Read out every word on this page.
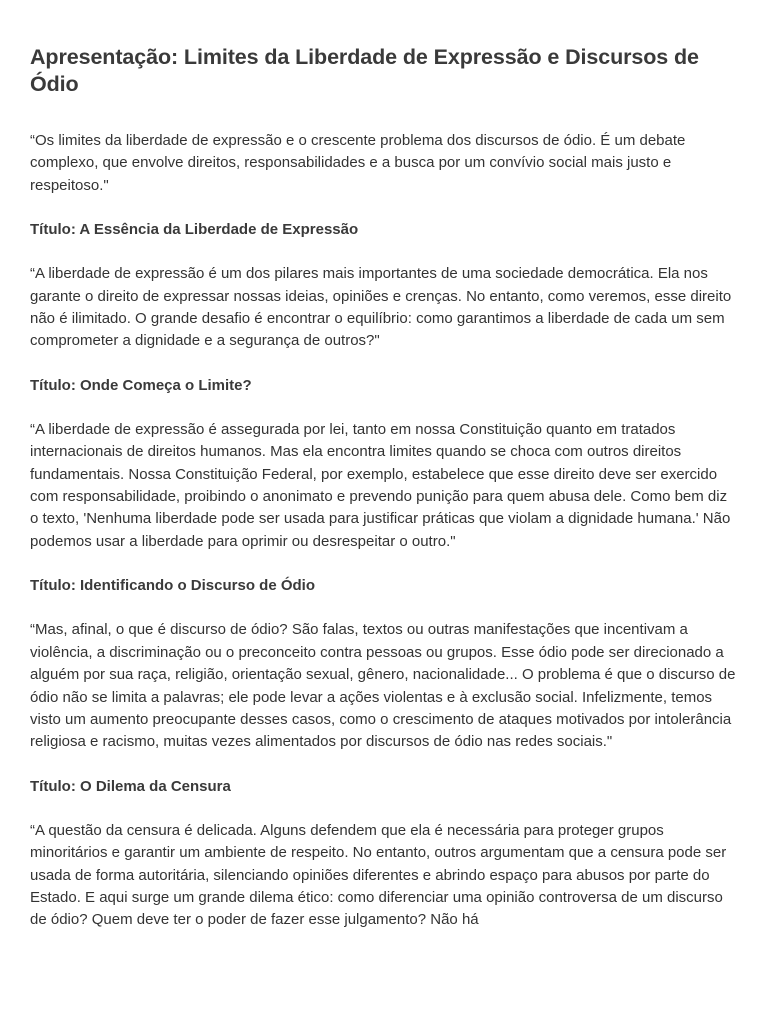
Apresentação: Limites da Liberdade de Expressão e Discursos de Ódio

“Os limites da liberdade de expressão e o crescente problema dos discursos de ódio. É um debate complexo, que envolve direitos, responsabilidades e a busca por um convívio social mais justo e respeitoso."

Título: A Essência da Liberdade de Expressão

“A liberdade de expressão é um dos pilares mais importantes de uma sociedade democrática. Ela nos garante o direito de expressar nossas ideias, opiniões e crenças. No entanto, como veremos, esse direito não é ilimitado. O grande desafio é encontrar o equilíbrio: como garantimos a liberdade de cada um sem comprometer a dignidade e a segurança de outros?"

Título: Onde Começa o Limite?

“A liberdade de expressão é assegurada por lei, tanto em nossa Constituição quanto em tratados internacionais de direitos humanos. Mas ela encontra limites quando se choca com outros direitos fundamentais. Nossa Constituição Federal, por exemplo, estabelece que esse direito deve ser exercido com responsabilidade, proibindo o anonimato e prevendo punição para quem abusa dele. Como bem diz o texto, 'Nenhuma liberdade pode ser usada para justificar práticas que violam a dignidade humana.' Não podemos usar a liberdade para oprimir ou desrespeitar o outro."

Título: Identificando o Discurso de Ódio

“Mas, afinal, o que é discurso de ódio? São falas, textos ou outras manifestações que incentivam a violência, a discriminação ou o preconceito contra pessoas ou grupos. Esse ódio pode ser direcionado a alguém por sua raça, religião, orientação sexual, gênero, nacionalidade... O problema é que o discurso de ódio não se limita a palavras; ele pode levar a ações violentas e à exclusão social. Infelizmente, temos visto um aumento preocupante desses casos, como o crescimento de ataques motivados por intolerância religiosa e racismo, muitas vezes alimentados por discursos de ódio nas redes sociais."

Título: O Dilema da Censura

“A questão da censura é delicada. Alguns defendem que ela é necessária para proteger grupos minoritários e garantir um ambiente de respeito. No entanto, outros argumentam que a censura pode ser usada de forma autoritária, silenciando opiniões diferentes e abrindo espaço para abusos por parte do Estado. E aqui surge um grande dilema ético: como diferenciar uma opinião controversa de um discurso de ódio? Quem deve ter o poder de fazer esse julgamento? Não há
